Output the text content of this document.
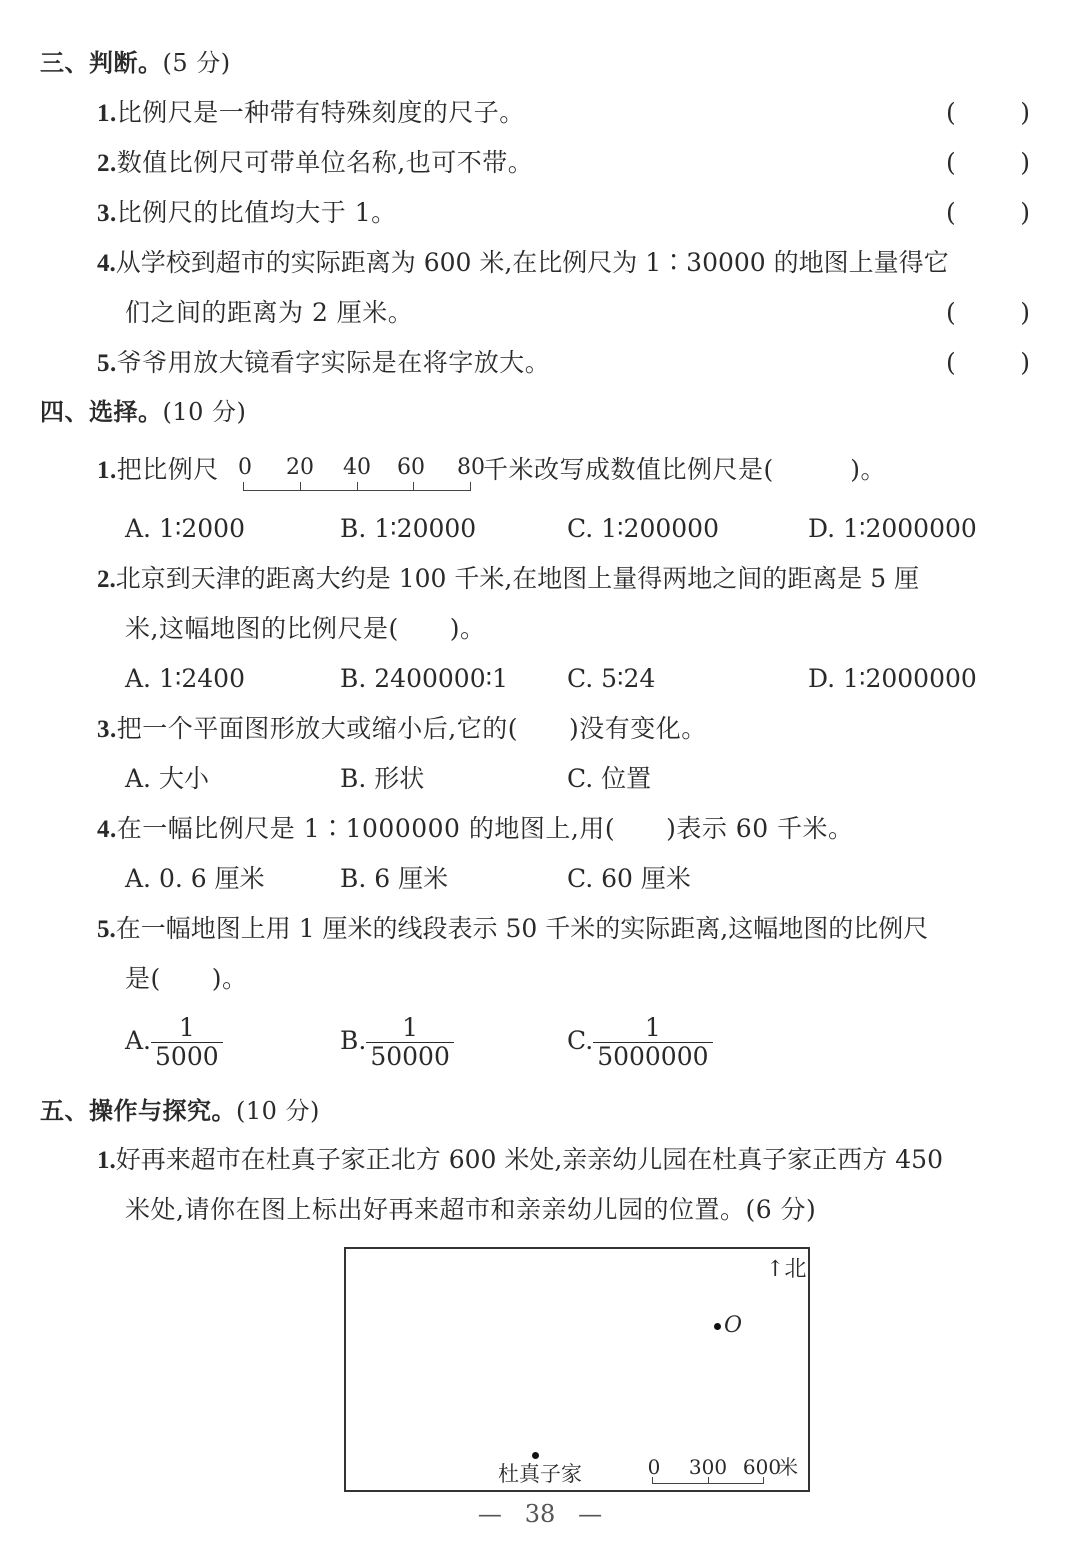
三、判断。(5 分)
1.比例尺是一种带有特殊刻度的尺子。	(	)
2.数值比例尺可带单位名称,也可不带。	(	)
3.比例尺的比值均大于 1。	(	)
4.从学校到超市的实际距离为 600 米,在比例尺为 1∶30000 的地图上量得它
们之间的距离为 2 厘米。	(	)
5.爷爷用放大镜看字实际是在将字放大。	(	)
四、选择。(10 分)
1.把比例尺 0 20 40 60 80
千米改写成数值比例尺是(　　　)。
A. 1∶2000	B. 1∶20000	C. 1∶200000	D. 1∶2000000
2.北京到天津的距离大约是 100 千米,在地图上量得两地之间的距离是 5 厘
米,这幅地图的比例尺是(　　)。
A. 1∶2400	B. 2400000∶1 C. 5∶24	D. 1∶2000000
3.把一个平面图形放大或缩小后,它的(　　)没有变化。
A. 大小	B. 形状	C. 位置
4.在一幅比例尺是 1∶1000000 的地图上,用(　　)表示 60 千米。
A. 0. 6 厘米	B. 6 厘米	C. 60 厘米
5.在一幅地图上用 1 厘米的线段表示 50 千米的实际距离,这幅地图的比例尺
是(　　)。
A. $\frac{1}{5000}$	B. $\frac{1}{50000}$	C. $\frac{1}{5000000}$
五、操作与探究。(10 分)
1.好再来超市在杜真子家正北方 600 米处,亲亲幼儿园在杜真子家正西方 450
米处,请你在图上标出好再来超市和亲亲幼儿园的位置。(6 分)
↑北
O
杜真子家	0 300 600
米
— 38 —
